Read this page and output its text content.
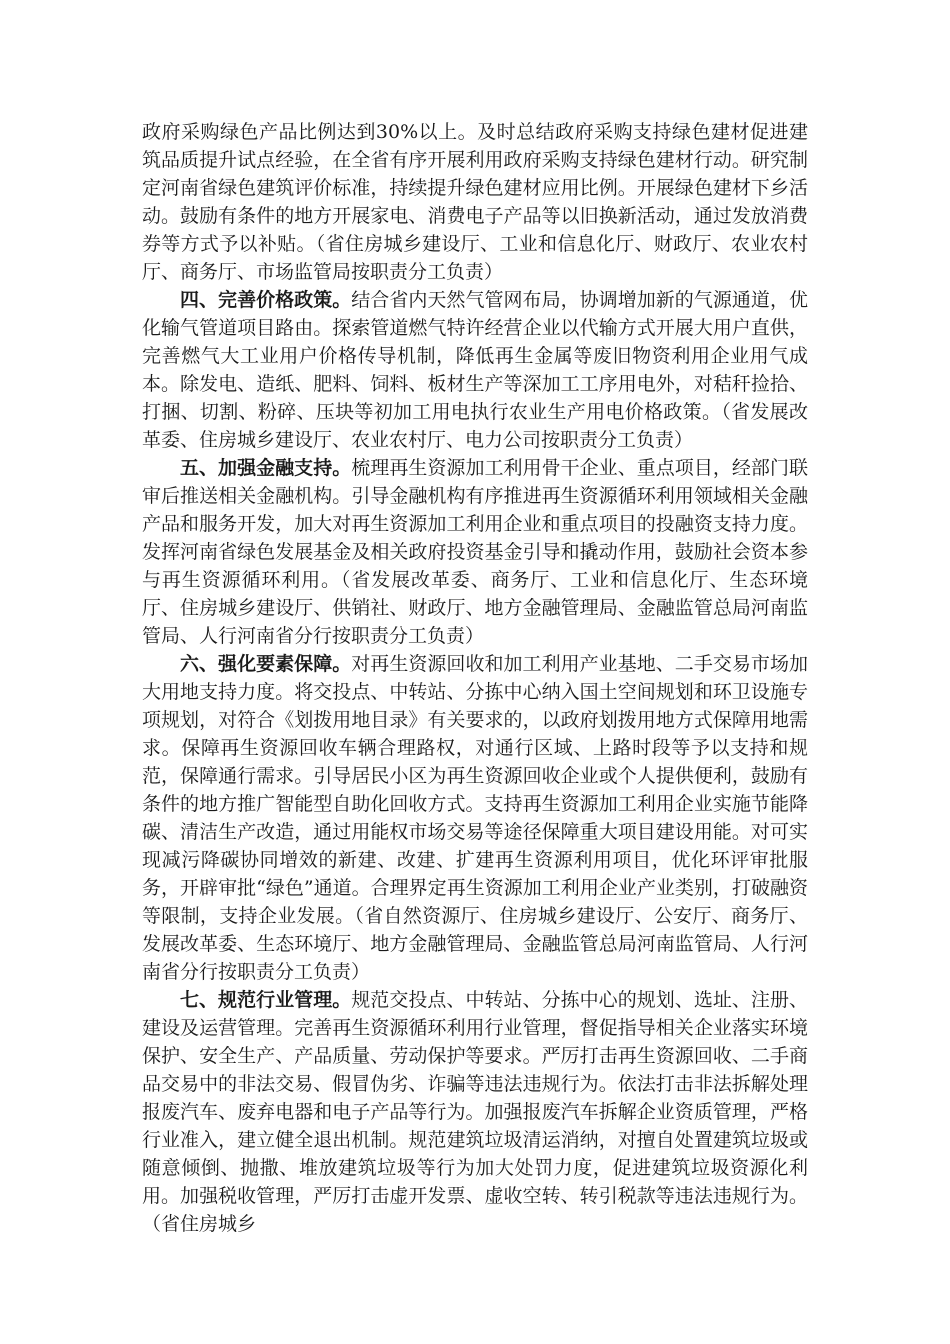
政府采购绿色产品比例达到30%以上。及时总结政府采购支持绿色建材促进建筑品质提升试点经验，在全省有序开展利用政府采购支持绿色建材行动。研究制定河南省绿色建筑评价标准，持续提升绿色建材应用比例。开展绿色建材下乡活动。鼓励有条件的地方开展家电、消费电子产品等以旧换新活动，通过发放消费券等方式予以补贴。（省住房城乡建设厅、工业和信息化厅、财政厅、农业农村厅、商务厅、市场监管局按职责分工负责）

四、完善价格政策。结合省内天然气管网布局，协调增加新的气源通道，优化输气管道项目路由。探索管道燃气特许经营企业以代输方式开展大用户直供，完善燃气大工业用户价格传导机制，降低再生金属等废旧物资利用企业用气成本。除发电、造纸、肥料、饲料、板材生产等深加工工序用电外，对秸秆捡拾、打捆、切割、粉碎、压块等初加工用电执行农业生产用电价格政策。（省发展改革委、住房城乡建设厅、农业农村厅、电力公司按职责分工负责）

五、加强金融支持。梳理再生资源加工利用骨干企业、重点项目，经部门联审后推送相关金融机构。引导金融机构有序推进再生资源循环利用领域相关金融产品和服务开发，加大对再生资源加工利用企业和重点项目的投融资支持力度。发挥河南省绿色发展基金及相关政府投资基金引导和撬动作用，鼓励社会资本参与再生资源循环利用。（省发展改革委、商务厅、工业和信息化厅、生态环境厅、住房城乡建设厅、供销社、财政厅、地方金融管理局、金融监管总局河南监管局、人行河南省分行按职责分工负责）

六、强化要素保障。对再生资源回收和加工利用产业基地、二手交易市场加大用地支持力度。将交投点、中转站、分拣中心纳入国土空间规划和环卫设施专项规划，对符合《划拨用地目录》有关要求的，以政府划拨用地方式保障用地需求。保障再生资源回收车辆合理路权，对通行区域、上路时段等予以支持和规范，保障通行需求。引导居民小区为再生资源回收企业或个人提供便利，鼓励有条件的地方推广智能型自助化回收方式。支持再生资源加工利用企业实施节能降碳、清洁生产改造，通过用能权市场交易等途径保障重大项目建设用能。对可实现减污降碳协同增效的新建、改建、扩建再生资源利用项目，优化环评审批服务，开辟审批“绿色”通道。合理界定再生资源加工利用企业产业类别，打破融资等限制，支持企业发展。（省自然资源厅、住房城乡建设厅、公安厅、商务厅、发展改革委、生态环境厅、地方金融管理局、金融监管总局河南监管局、人行河南省分行按职责分工负责）

七、规范行业管理。规范交投点、中转站、分拣中心的规划、选址、注册、建设及运营管理。完善再生资源循环利用行业管理，督促指导相关企业落实环境保护、安全生产、产品质量、劳动保护等要求。严厉打击再生资源回收、二手商品交易中的非法交易、假冒伪劣、诈骗等违法违规行为。依法打击非法拆解处理报废汽车、废弃电器和电子产品等行为。加强报废汽车拆解企业资质管理，严格行业准入，建立健全退出机制。规范建筑垃圾清运消纳，对擅自处置建筑垃圾或随意倾倒、抛撒、堆放建筑垃圾等行为加大处罚力度，促进建筑垃圾资源化利用。加强税收管理，严厉打击虚开发票、虚收空转、转引税款等违法违规行为。（省住房城乡
